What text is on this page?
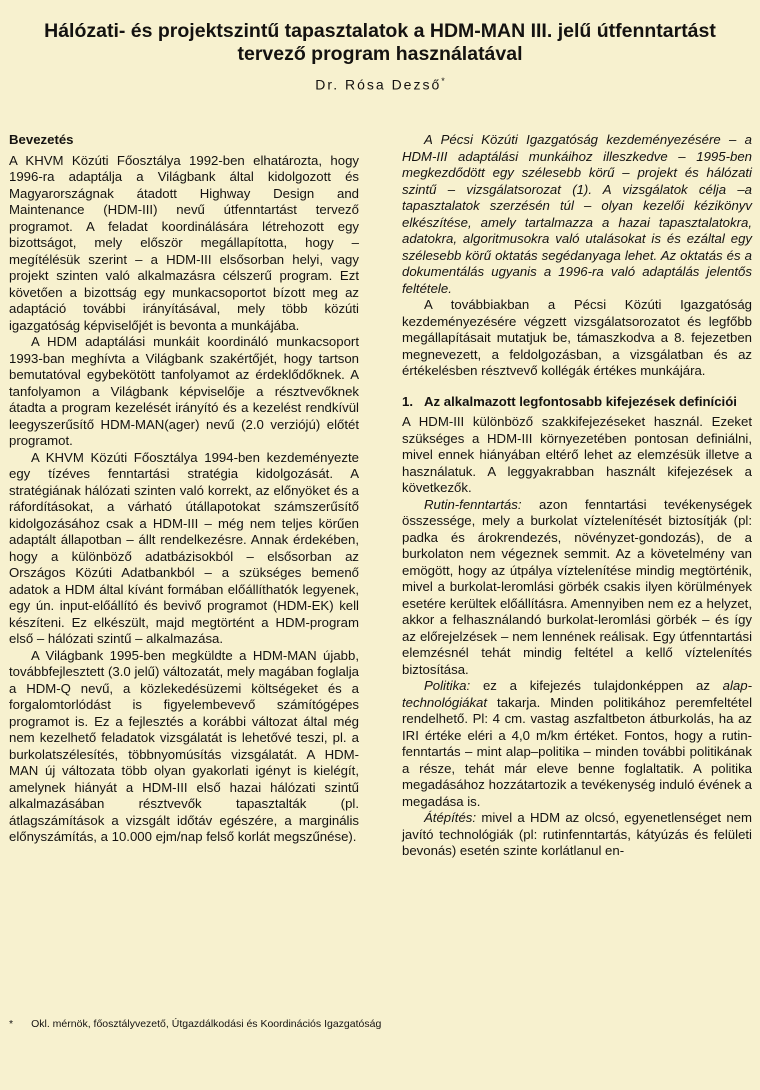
Hálózati- és projektszintű tapasztalatok a HDM-MAN III. jelű útfenntartást tervező program használatával
Dr. Rósa Dezső*
Bevezetés

A KHVM Közúti Főosztálya 1992-ben elhatározta, hogy 1996-ra adaptálja a Világbank által kidolgozott és Magyarországnak átadott Highway Design and Maintenance (HDM-III) nevű útfenntartást tervező programot. A feladat koordinálására létrehozott egy bizottságot, mely először megállapította, hogy – megítélésük szerint – a HDM-III elsősorban helyi, vagy projekt szinten való alkalmazásra célszerű program. Ezt követően a bizottság egy munkacsoportot bízott meg az adaptáció további irányításával, mely több közúti igazgatóság képviselőjét is bevonta a munkájába.

A HDM adaptálási munkáit koordináló munkacsoport 1993-ban meghívta a Világbank szakértőjét, hogy tartson bemutatóval egybekötött tanfolyamot az érdeklődőknek. A tanfolyamon a Világbank képviselője a résztvevőknek átadta a program kezelését irányító és a kezelést rendkívül leegyszerűsítő HDM-MAN(ager) nevű (2.0 verziójú) előtét programot.

A KHVM Közúti Főosztálya 1994-ben kezdeményezte egy tízéves fenntartási stratégia kidolgozását. A stratégiának hálózati szinten való korrekt, az előnyöket és a ráfordításokat, a várható útállapotokat számszerűsítő kidolgozásához csak a HDM-III – még nem teljes körűen adaptált állapotban – állt rendelkezésre. Annak érdekében, hogy a különböző adatbázisokból – elsősorban az Országos Közúti Adatbankból – a szükséges bemenő adatok a HDM által kívánt formában előállíthatók legyenek, egy ún. input-előállító és bevivő programot (HDM-EK) kell készíteni. Ez elkészült, majd megtörtént a HDM-program első – hálózati szintű – alkalmazása.

A Világbank 1995-ben megküldte a HDM-MAN újabb, továbbfejlesztett (3.0 jelű) változatát, mely magában foglalja a HDM-Q nevű, a közlekedésüzemi költségeket és a forgalomtorlódást is figyelembevevő számítógépes programot is. Ez a fejlesztés a korábbi változat által még nem kezelhető feladatok vizsgálatát is lehetővé teszi, pl. a burkolatszélesítés, többnyomúsítás vizsgálatát. A HDM-MAN új változata több olyan gyakorlati igényt is kielégít, amelynek hiányát a HDM-III első hazai hálózati szintű alkalmazásában résztvevők tapasztalták (pl. átlagszámítások a vizsgált időtáv egészére, a marginális előnyszámítás, a 10.000 ejm/nap felső korlát megszűnése).

A Pécsi Közúti Igazgatóság kezdeményezésére – a HDM-III adaptálási munkáihoz illeszkedve – 1995-ben megkezdődött egy szélesebb körű – projekt és hálózati szintű – vizsgálatsorozat (1). A vizsgálatok célja –a tapasztalatok szerzésén túl – olyan kezelői kézikönyv elkészítése, amely tartalmazza a hazai tapasztalatokra, adatokra, algoritmusokra való utalásokat is és ezáltal egy szélesebb körű oktatás segédanyaga lehet. Az oktatás és a dokumentálás ugyanis a 1996-ra való adaptálás jelentős feltétele.

A továbbiakban a Pécsi Közúti Igazgatóság kezdeményezésére végzett vizsgálatsorozatot és legfőbb megállapításait mutatjuk be, támaszkodva a 8. fejezetben megnevezett, a feldolgozásban, a vizsgálatban és az értékelésben résztvevő kollégák értékes munkájára.

1. Az alkalmazott legfontosabb kifejezések definíciói

A HDM-III különböző szakkifejezéseket használ. Ezeket szükséges a HDM-III környezetében pontosan definiálni, mivel ennek hiányában eltérő lehet az elemzésük illetve a használatuk. A leggyakrabban használt kifejezések a következők.

Rutin-fenntartás: azon fenntartási tevékenységek összessége, mely a burkolat víztelenítését biztosítják (pl: padka és árokrendezés, növényzet-gondozás), de a burkolaton nem végeznek semmit. Az a követelmény van emögött, hogy az útpálya víztelenítése mindig megtörténik, mivel a burkolat-leromlási görbék csakis ilyen körülmények esetére kerültek előállításra. Amennyiben nem ez a helyzet, akkor a felhasználandó burkolat-leromlási görbék – és így az előrejelzések – nem lennének reálisak. Egy útfenntartási elemzésnél tehát mindig feltétel a kellő víztelenítés biztosítása.

Politika: ez a kifejezés tulajdonképpen az alap-technológiákat takarja. Minden politikához peremfeltétel rendelhető. Pl: 4 cm. vastag aszfaltbeton átburkolás, ha az IRI értéke eléri a 4,0 m/km értéket. Fontos, hogy a rutin-fenntartás – mint alap–politika – minden további politikának a része, tehát már eleve benne foglaltatik. A politika megadásához hozzátartozik a tevékenység induló évének a megadása is.

Átépítés: mivel a HDM az olcsó, egyenetlenséget nem javító technológiák (pl: rutinfenntartás, kátyúzás és felületi bevonás) esetén szinte korlátlanul en-

* Okl. mérnök, főosztályvezető, Útgazdálkodási és Koordinációs Igazgatóság
